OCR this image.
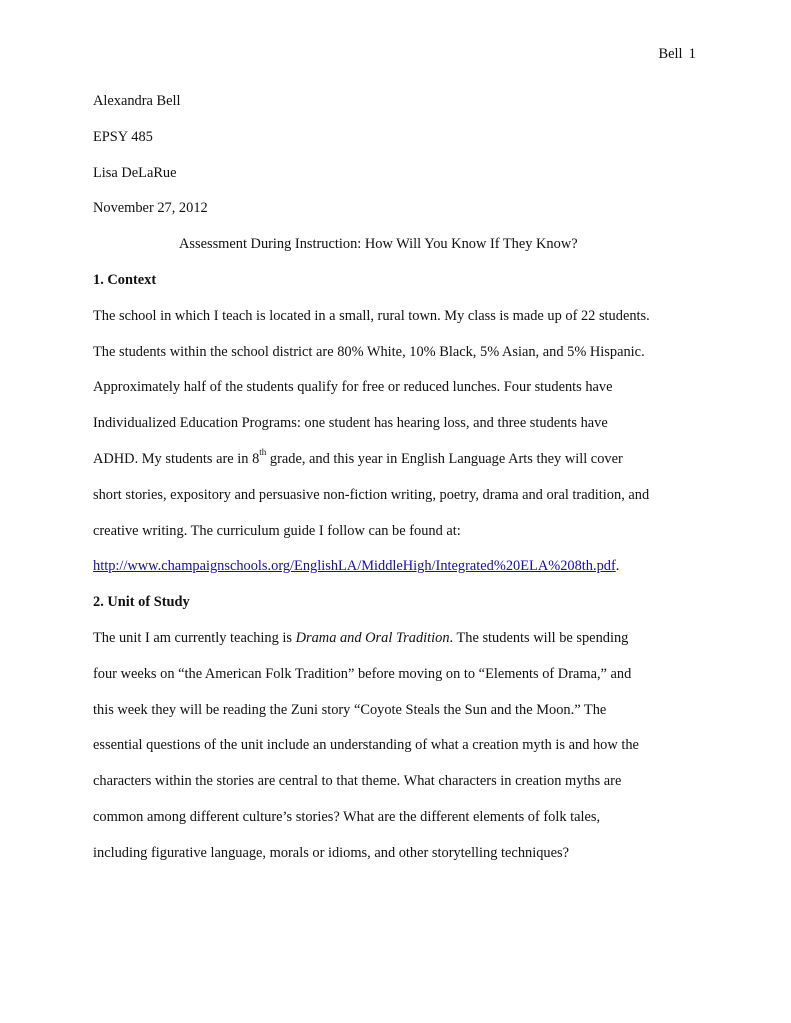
Bell 1
Alexandra Bell
EPSY 485
Lisa DeLaRue
November 27, 2012
Assessment During Instruction: How Will You Know If They Know?
1. Context
The school in which I teach is located in a small, rural town. My class is made up of 22 students.
The students within the school district are 80% White, 10% Black, 5% Asian, and 5% Hispanic.
Approximately half of the students qualify for free or reduced lunches. Four students have
Individualized Education Programs: one student has hearing loss, and three students have
ADHD. My students are in 8th grade, and this year in English Language Arts they will cover
short stories, expository and persuasive non-fiction writing, poetry, drama and oral tradition, and
creative writing. The curriculum guide I follow can be found at:
http://www.champaignschools.org/EnglishLA/MiddleHigh/Integrated%20ELA%208th.pdf.
2. Unit of Study
The unit I am currently teaching is Drama and Oral Tradition. The students will be spending
four weeks on “the American Folk Tradition” before moving on to “Elements of Drama,” and
this week they will be reading the Zuni story “Coyote Steals the Sun and the Moon.” The
essential questions of the unit include an understanding of what a creation myth is and how the
characters within the stories are central to that theme. What characters in creation myths are
common among different culture’s stories? What are the different elements of folk tales,
including figurative language, morals or idioms, and other storytelling techniques?
